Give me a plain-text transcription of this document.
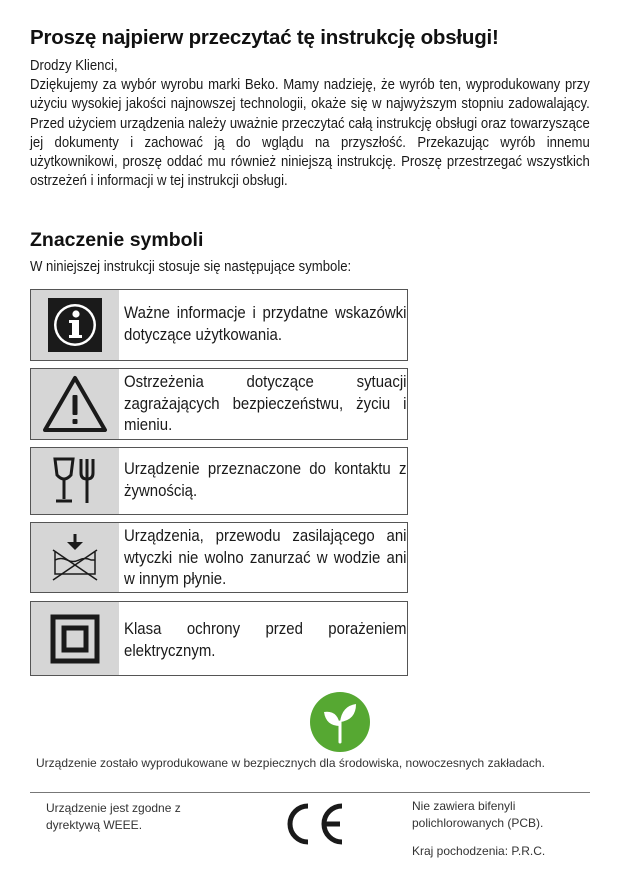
Proszę najpierw przeczytać tę instrukcję obsługi!

Drodzy Klienci,

Dziękujemy za wybór wyrobu marki Beko. Mamy nadzieję, że wyrób ten, wyprodukowany przy użyciu wysokiej jakości najnowszej technologii, okaże się w najwyższym stopniu zadowalający. Przed użyciem urządzenia należy uważnie przeczytać całą instrukcję obsługi oraz towarzyszące jej dokumenty i zachować ją do wglądu na przyszłość. Przekazując wyrób innemu użytkownikowi, proszę oddać mu również niniejszą instrukcję. Proszę przestrzegać wszystkich ostrzeżeń i informacji w tej instrukcji obsługi.

Znaczenie symboli
W niniejszej instrukcji stosuje się następujące symbole:
Ważne informacje i przydatne wskazówki dotyczące użytkowania.
Ostrzeżenia dotyczące sytuacji zagrażających bezpieczeństwu, życiu i mieniu.
Urządzenie przeznaczone do kontaktu z żywnością.
Urządzenia, przewodu zasilającego ani wtyczki nie wolno zanurzać w wodzie ani w innym płynie.
Klasa ochrony przed porażeniem elektrycznym.
Urządzenie zostało wyprodukowane w bezpiecznych dla środowiska, nowoczesnych zakładach.
Urządzenie jest zgodne z dyrektywą WEEE.
Nie zawiera bifenyli polichlorowanych (PCB).
Kraj pochodzenia: P.R.C.
